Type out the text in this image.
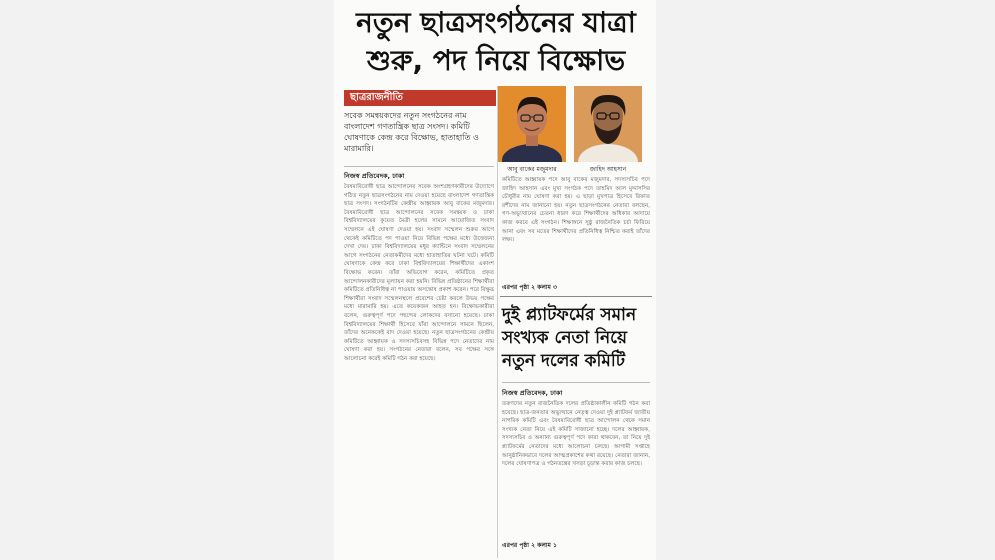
নতুন ছাত্রসংগঠনের যাত্রা
শুরু, পদ নিয়ে বিক্ষোভ
ছাত্ররাজনীতি
সবেক সমন্বয়কদের নতুন সংগঠনের নাম বাংলাদেশ গণতান্ত্রিক ছাত্র সংসদ। কমিটি ঘোষণাকে কেন্দ্র করে বিক্ষোভ, হাতাহাতি ও মারামারি।
নিজস্ব প্রতিবেদক, ঢাকা
বৈষম্যবিরোধী ছাত্র আন্দোলনের সবেক অংশগ্রহণকারীদের উদ্যোগে গঠিত নতুন ছাত্রসংগঠনের নাম দেওয়া হয়েছে বাংলাদেশ গণতান্ত্রিক ছাত্র সংসদ। সংগঠনটির কেন্দ্রীয় আহ্বায়ক আবু বাকের মজুমদার। বৈষম্যবিরোধী ছাত্র আন্দোলনের সবেক সমন্বয়ক ও ঢাকা বিশ্ববিদ্যালয়ের কুয়েত মৈত্রী হলের সামনে আয়োজিত সংবাদ সম্মেলনে এই ঘোষণা দেওয়া হয়। সংবাদ সম্মেলন শুরুর আগে থেকেই কমিটিতে পদ পাওয়া নিয়ে বিভিন্ন পক্ষের মধ্যে উত্তেজনা দেখা দেয়। ঢাকা বিশ্ববিদ্যালয়ের মধুর ক্যান্টিনে সংবাদ সম্মেলনের আগে সংগঠনের নেতাকর্মীদের মধ্যে হাতাহাতির ঘটনা ঘটে। কমিটি ঘোষণাকে কেন্দ্র করে ঢাকা বিশ্ববিদ্যালয়ের শিক্ষার্থীদের একাংশ বিক্ষোভ করেন। তাঁরা অভিযোগ করেন, কমিটিতে প্রকৃত আন্দোলনকারীদের মূল্যায়ন করা হয়নি। বিভিন্ন প্রতিষ্ঠানের শিক্ষার্থীরা কমিটিতে প্রতিনিধিত্ব না পাওয়ায় অসন্তোষ প্রকাশ করেন। পরে বিক্ষুব্ধ শিক্ষার্থীরা সংবাদ সম্মেলনস্থলে প্রবেশের চেষ্টা করলে উভয় পক্ষের মধ্যে মারামারি হয়। এতে কয়েকজন আহত হন। বিক্ষোভকারীরা বলেন, গুরুত্বপূর্ণ পদে পছন্দের লোকদের বসানো হয়েছে। ঢাকা বিশ্ববিদ্যালয়ের শিক্ষার্থী হিসেবে যাঁরা আন্দোলনে সামনে ছিলেন, তাঁদের অনেককেই বাদ দেওয়া হয়েছে। নতুন ছাত্রসংগঠনের কেন্দ্রীয় কমিটিতে আহ্বায়ক ও সদস্যসচিবসহ বিভিন্ন পদে নেতাদের নাম ঘোষণা করা হয়। সংগঠনের নেতারা বলেন, সব পক্ষের সঙ্গে আলোচনা করেই কমিটি গঠন করা হয়েছে।
আবু বাকের মজুমদার	জাহিদ আহসান
কমিটিতে আহ্বায়ক পদে আবু বাকের মজুমদার, সদস্যসচিব পদে জাহিদ আহসান এবং মুখ্য সংগঠক পদে তাহমিদ আল মুদ্দাসসির চৌধুরীর নাম ঘোষণা করা হয়। এ ছাড়া মুখপাত্র হিসেবে রিফাত রশীদের নাম জানানো হয়। নতুন ছাত্রসংগঠনের নেতারা বলছেন, গণ-অভ্যুত্থানের চেতনা ধারণ করে শিক্ষার্থীদের অধিকার আদায়ে কাজ করবে এই সংগঠন। শিক্ষাঙ্গনে সুষ্ঠু রাজনৈতিক চর্চা ফিরিয়ে আনা এবং সব মতের শিক্ষার্থীদের প্রতিনিধিত্ব নিশ্চিত করাই তাঁদের লক্ষ্য।
এরপর পৃষ্ঠা ২ কলাম ৩
দুই প্ল্যাটফর্মের সমান সংখ্যক নেতা নিয়ে নতুন দলের কমিটি
নিজস্ব প্রতিবেদক, ঢাকা
তরুণদের নতুন রাজনৈতিক দলের প্রতিষ্ঠাকালীন কমিটি গঠন করা হয়েছে। ছাত্র-জনতার অভ্যুত্থানে নেতৃত্ব দেওয়া দুই প্ল্যাটফর্ম জাতীয় নাগরিক কমিটি এবং বৈষম্যবিরোধী ছাত্র আন্দোলন থেকে সমান সংখ্যক নেতা নিয়ে এই কমিটি সাজানো হচ্ছে। দলের আহ্বায়ক, সদস্যসচিব ও অন্যান্য গুরুত্বপূর্ণ পদে কারা থাকবেন, তা নিয়ে দুই প্ল্যাটফর্মের নেতাদের মধ্যে আলোচনা চলছে। আগামী সপ্তাহে আনুষ্ঠানিকভাবে দলের আত্মপ্রকাশের কথা রয়েছে। নেতারা জানান, দলের ঘোষণাপত্র ও গঠনতন্ত্রের খসড়া চূড়ান্ত করার কাজ চলছে।
এরপর পৃষ্ঠা ২ কলাম ১
